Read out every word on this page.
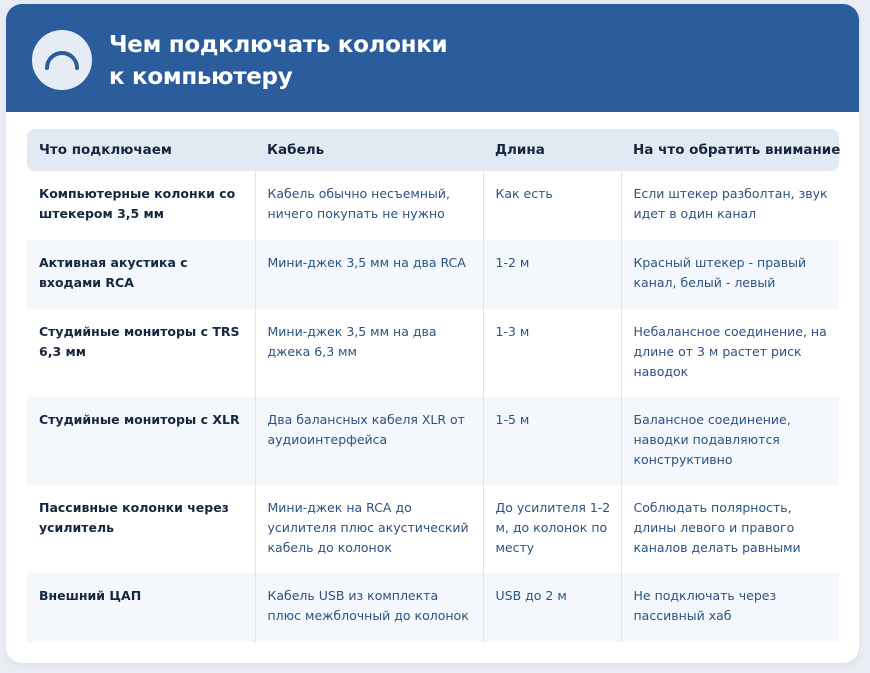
Чем подключать колонки
к компьютеру
Что подключаем	Кабель	Длина	На что обратить внимание
Компьютерные колонки со штекером 3,5 мм	Кабель обычно несъемный, ничего покупать не нужно	Как есть	Если штекер разболтан, звук идет в один канал
Активная акустика с входами RCA	Мини-джек 3,5 мм на два RCA	1-2 м	Красный штекер - правый канал, белый - левый
Студийные мониторы с TRS 6,3 мм	Мини-джек 3,5 мм на два джека 6,3 мм	1-3 м	Небалансное соединение, на длине от 3 м растет риск наводок
Студийные мониторы с XLR	Два балансных кабеля XLR от аудиоинтерфейса	1-5 м	Балансное соединение, наводки подавляются конструктивно
Пассивные колонки через усилитель	Мини-джек на RCA до усилителя плюс акустический кабель до колонок	До усилителя 1-2 м, до колонок по месту	Соблюдать полярность, длины левого и правого каналов делать равными
Внешний ЦАП	Кабель USB из комплекта плюс межблочный до колонок	USB до 2 м	Не подключать через пассивный хаб
